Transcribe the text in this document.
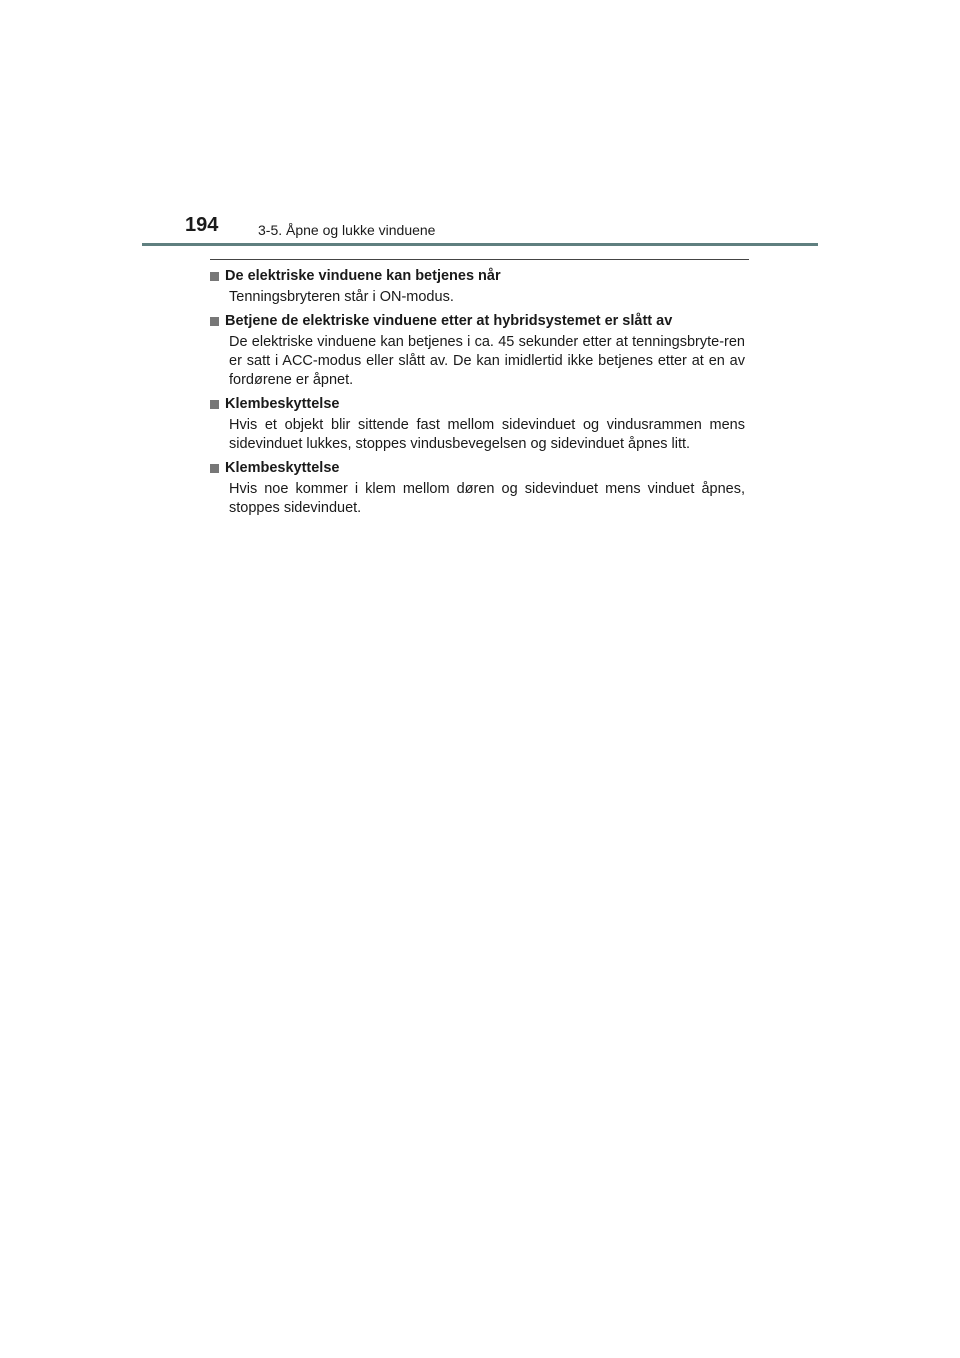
194	3-5. Åpne og lukke vinduene
De elektriske vinduene kan betjenes når
Tenningsbryteren står i ON-modus.
Betjene de elektriske vinduene etter at hybridsystemet er slått av
De elektriske vinduene kan betjenes i ca. 45 sekunder etter at tenningsbryte-ren er satt i ACC-modus eller slått av. De kan imidlertid ikke betjenes etter at en av fordørene er åpnet.
Klembeskyttelse
Hvis et objekt blir sittende fast mellom sidevinduet og vindusrammen mens sidevinduet lukkes, stoppes vindusbevegelsen og sidevinduet åpnes litt.
Klembeskyttelse
Hvis noe kommer i klem mellom døren og sidevinduet mens vinduet åpnes, stoppes sidevinduet.
